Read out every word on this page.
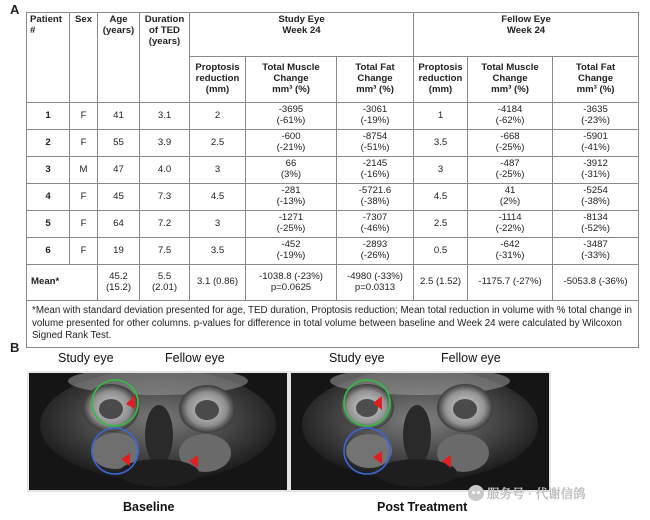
A
Patient
#	Sex	Age
(years)	Duration
of TED
(years)	Study Eye
Week 24			Fellow Eye
Week 24		

				Proptosis
reduction
(mm)	Total Muscle
Change
mm³ (%)	Total Fat
Change
mm³ (%)	Proptosis
reduction
(mm)	Total Muscle
Change
mm³ (%)	Total Fat
Change
mm³ (%)

1	F	41	3.1	2	-3695
(-61%)	-3061
(-19%)	1	-4184
(-62%)	-3635
(-23%)

2	F	55	3.9	2.5	-600
(-21%)	-8754
(-51%)	3.5	-668
(-25%)	-5901
(-41%)

3	M	47	4.0	3	66
(3%)	-2145
(-16%)	3	-487
(-25%)	-3912
(-31%)

4	F	45	7.3	4.5	-281
(-13%)	-5721.6
(-38%)	4.5	41
(2%)	-5254
(-38%)

5	F	64	7.2	3	-1271
(-25%)	-7307
(-46%)	2.5	-1114
(-22%)	-8134
(-52%)

6	F	19	7.5	3.5	-452
(-19%)	-2893
(-26%)	0.5	-642
(-31%)	-3487
(-33%)

Mean*		45.2
(15.2)	5.5
(2.01)	3.1 (0.86)	-1038.8 (-23%)
p=0.0625	-4980 (-33%)
p=0.0313	2.5 (1.52)	-1175.7 (-27%)	-5053.8 (-36%)
*Mean with standard deviation presented for age, TED duration, Proptosis reduction; Mean total reduction in volume with % total change in volume presented for other columns. p-values for difference in total volume between baseline and Week 24 were calculated by Wilcoxon Signed Rank Test.									
B
Study eye	Fellow eye
Baseline
Study eye	Fellow eye
Post Treatment
服务号 · 代谢信鸽
